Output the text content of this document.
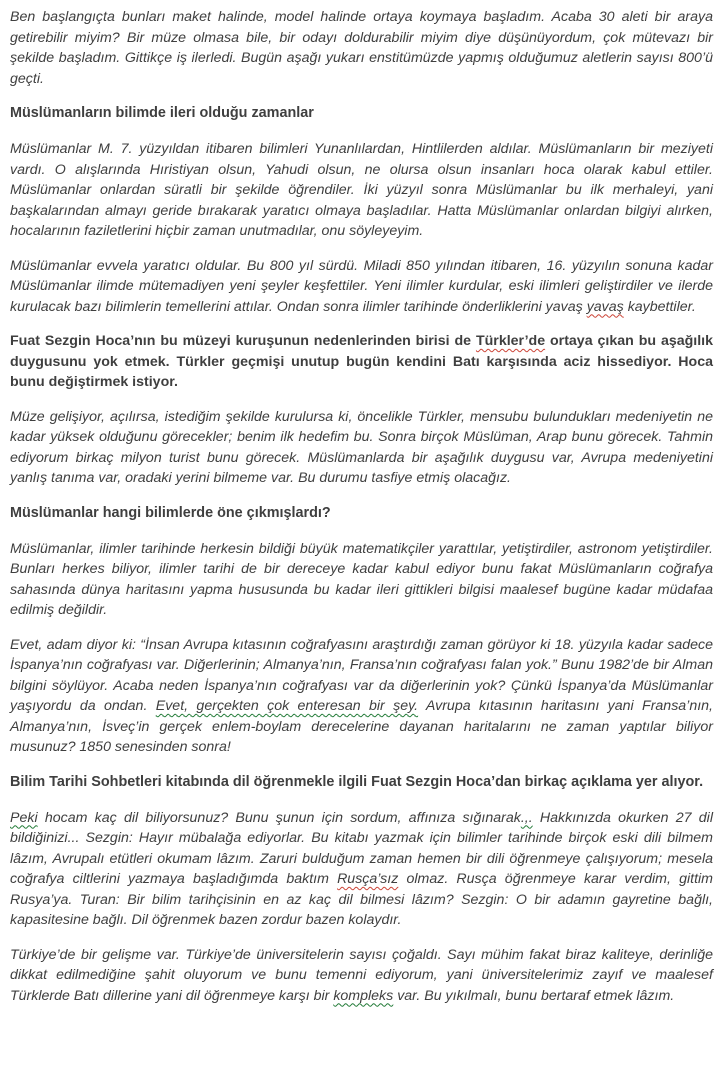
Ben başlangıçta bunları maket halinde, model halinde ortaya koymaya başladım. Acaba 30 aleti bir araya getirebilir miyim? Bir müze olmasa bile, bir odayı doldurabilir miyim diye düşünüyordum, çok mütevazı bir şekilde başladım. Gittikçe iş ilerledi. Bugün aşağı yukarı enstitümüzde yapmış olduğumuz aletlerin sayısı 800’ü geçti.

Müslümanların bilimde ileri olduğu zamanlar

Müslümanlar M. 7. yüzyıldan itibaren bilimleri Yunanlılardan, Hintlilerden aldılar. Müslümanların bir meziyeti vardı. O alışlarında Hıristiyan olsun, Yahudi olsun, ne olursa olsun insanları hoca olarak kabul ettiler. Müslümanlar onlardan süratli bir şekilde öğrendiler. İki yüzyıl sonra Müslümanlar bu ilk merhaleyi, yani başkalarından almayı geride bırakarak yaratıcı olmaya başladılar. Hatta Müslümanlar onlardan bilgiyi alırken, hocalarının faziletlerini hiçbir zaman unutmadılar, onu söyleyeyim.

Müslümanlar evvela yaratıcı oldular. Bu 800 yıl sürdü. Miladi 850 yılından itibaren, 16. yüzyılın sonuna kadar Müslümanlar ilimde mütemadiyen yeni şeyler keşfettiler. Yeni ilimler kurdular, eski ilimleri geliştirdiler ve ilerde kurulacak bazı bilimlerin temellerini attılar. Ondan sonra ilimler tarihinde önderliklerini yavaş yavaş kaybettiler.

Fuat Sezgin Hoca’nın bu müzeyi kuruşunun nedenlerinden birisi de Türkler’de ortaya çıkan bu aşağılık duygusunu yok etmek. Türkler geçmişi unutup bugün kendini Batı karşısında aciz hissediyor. Hoca bunu değiştirmek istiyor.

Müze gelişiyor, açılırsa, istediğim şekilde kurulursa ki, öncelikle Türkler, mensubu bulundukları medeniyetin ne kadar yüksek olduğunu görecekler; benim ilk hedefim bu. Sonra birçok Müslüman, Arap bunu görecek. Tahmin ediyorum birkaç milyon turist bunu görecek. Müslümanlarda bir aşağılık duygusu var, Avrupa medeniyetini yanlış tanıma var, oradaki yerini bilmeme var. Bu durumu tasfiye etmiş olacağız.

Müslümanlar hangi bilimlerde öne çıkmışlardı?

Müslümanlar, ilimler tarihinde herkesin bildiği büyük matematikçiler yarattılar, yetiştirdiler, astronom yetiştirdiler. Bunları herkes biliyor, ilimler tarihi de bir dereceye kadar kabul ediyor bunu fakat Müslümanların coğrafya sahasında dünya haritasını yapma hususunda bu kadar ileri gittikleri bilgisi maalesef bugüne kadar müdafaa edilmiş değildir.

Evet, adam diyor ki: “İnsan Avrupa kıtasının coğrafyasını araştırdığı zaman görüyor ki 18. yüzyıla kadar sadece İspanya’nın coğrafyası var. Diğerlerinin; Almanya’nın, Fransa’nın coğrafyası falan yok.” Bunu 1982’de bir Alman bilgini söylüyor. Acaba neden İspanya’nın coğrafyası var da diğerlerinin yok? Çünkü İspanya’da Müslümanlar yaşıyordu da ondan. Evet, gerçekten çok enteresan bir şey. Avrupa kıtasının haritasını yani Fransa’nın, Almanya’nın, İsveç’in gerçek enlem-boylam derecelerine dayanan haritalarını ne zaman yaptılar biliyor musunuz? 1850 senesinden sonra!

Bilim Tarihi Sohbetleri kitabında dil öğrenmekle ilgili Fuat Sezgin Hoca’dan birkaç açıklama yer alıyor.

Peki hocam kaç dil biliyorsunuz? Bunu şunun için sordum, affınıza sığınarak.,. Hakkınızda okurken 27 dil bildiğinizi... Sezgin: Hayır mübalağa ediyorlar. Bu kitabı yazmak için bilimler tarihinde birçok eski dili bilmem lâzım, Avrupalı etütleri okumam lâzım. Zaruri bulduğum zaman hemen bir dili öğrenmeye çalışıyorum; mesela coğrafya ciltlerini yazmaya başladığımda baktım Rusça’sız olmaz. Rusça öğrenmeye karar verdim, gittim Rusya’ya. Turan: Bir bilim tarihçisinin en az kaç dil bilmesi lâzım? Sezgin: O bir adamın gayretine bağlı, kapasitesine bağlı. Dil öğrenmek bazen zordur bazen kolaydır.

Türkiye’de bir gelişme var. Türkiye’de üniversitelerin sayısı çoğaldı. Sayı mühim fakat biraz kaliteye, derinliğe dikkat edilmediğine şahit oluyorum ve bunu temenni ediyorum, yani üniversitelerimiz zayıf ve maalesef Türklerde Batı dillerine yani dil öğrenmeye karşı bir kompleks var. Bu yıkılmalı, bunu bertaraf etmek lâzım.
